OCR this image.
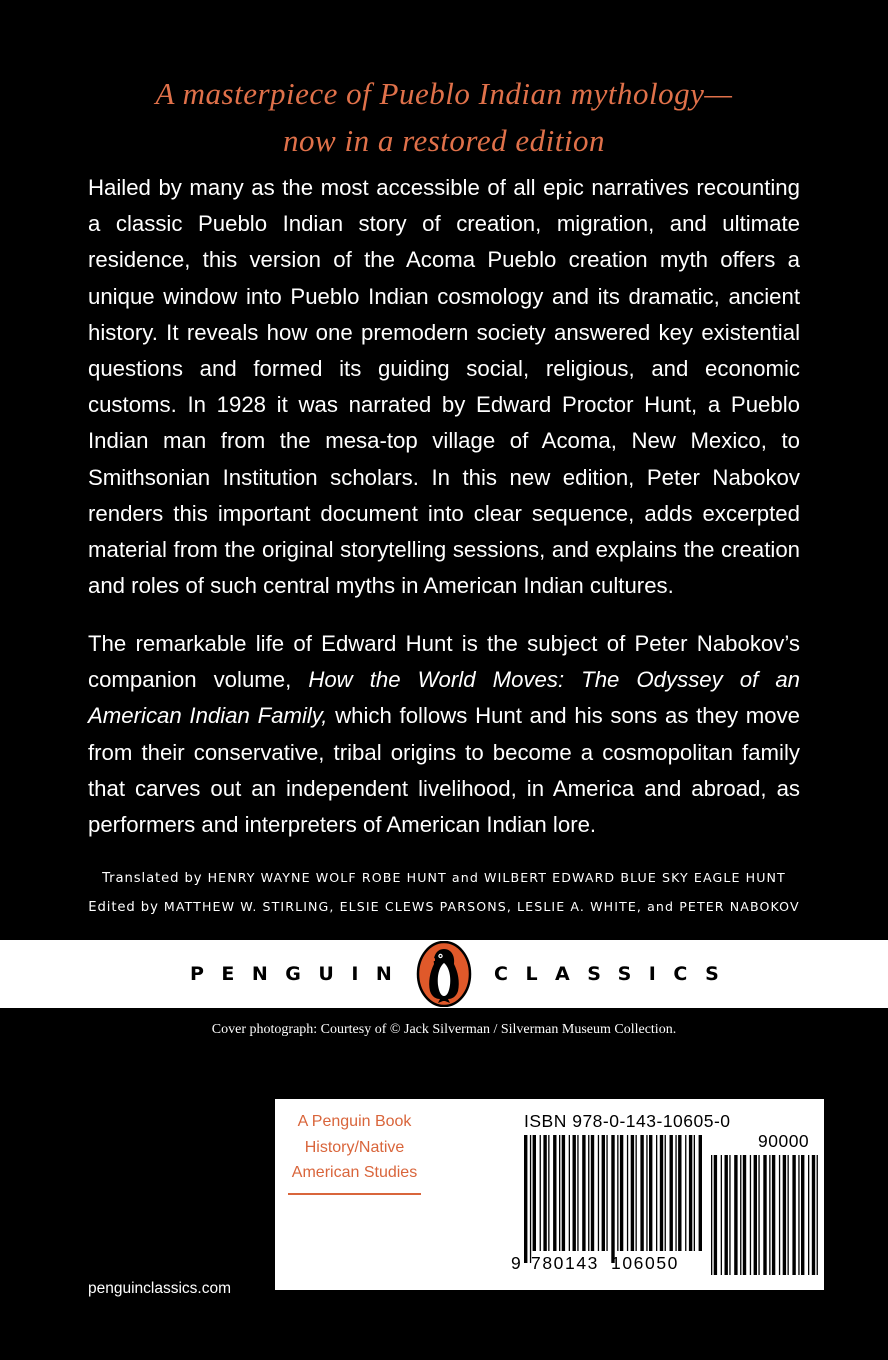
A masterpiece of Pueblo Indian mythology—
now in a restored edition
Hailed by many as the most accessible of all epic narratives recounting a classic Pueblo Indian story of creation, migration, and ultimate residence, this version of the Acoma Pueblo creation myth offers a unique window into Pueblo Indian cosmology and its dramatic, ancient history. It reveals how one premodern society answered key existential questions and formed its guiding social, religious, and economic customs. In 1928 it was narrated by Edward Proctor Hunt, a Pueblo Indian man from the mesa-top village of Acoma, New Mexico, to Smithsonian Institution scholars. In this new edition, Peter Nabokov renders this important document into clear sequence, adds excerpted material from the original storytelling sessions, and explains the creation and roles of such central myths in American Indian cultures.
The remarkable life of Edward Hunt is the subject of Peter Nabokov’s companion volume, How the World Moves: The Odyssey of an American Indian Family, which follows Hunt and his sons as they move from their conservative, tribal origins to become a cosmopolitan family that carves out an independent livelihood, in America and abroad, as performers and interpreters of American Indian lore.
Translated by HENRY WAYNE WOLF ROBE HUNT and WILBERT EDWARD BLUE SKY EAGLE HUNT
Edited by MATTHEW W. STIRLING, ELSIE CLEWS PARSONS, LESLIE A. WHITE, and PETER NABOKOV
PENGUIN	CLASSICS
Cover photograph: Courtesy of © Jack Silverman / Silverman Museum Collection.
penguinclassics.com
A Penguin Book
History/Native
American Studies
ISBN 978-0-143-10605-0
90000
9 780143 106050
